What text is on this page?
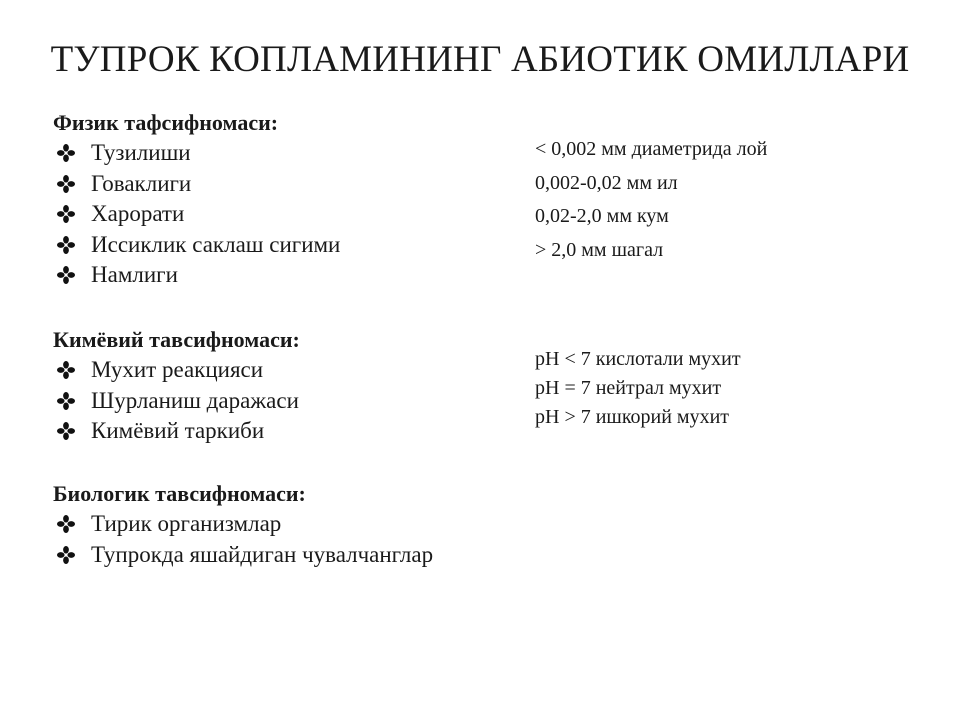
ТУПРОК КОПЛАМИНИНГ АБИОТИК ОМИЛЛАРИ
Физик тафсифномаси:
Тузилиши
Говаклиги
Харорати
Иссиклик саклаш сигими
Намлиги
Кимёвий тавсифномаси:
Мухит реакцияси
Шурланиш даражаси
Кимёвий таркиби
Биологик тавсифномаси:
Тирик организмлар
Тупрокда яшайдиган чувалчанглар
< 0,002 мм диаметрида лой
0,002-0,02 мм ил
0,02-2,0 мм кум
> 2,0 мм шагал
pH < 7 кислотали мухит
pH = 7 нейтрал мухит
pH > 7 ишкорий мухит
